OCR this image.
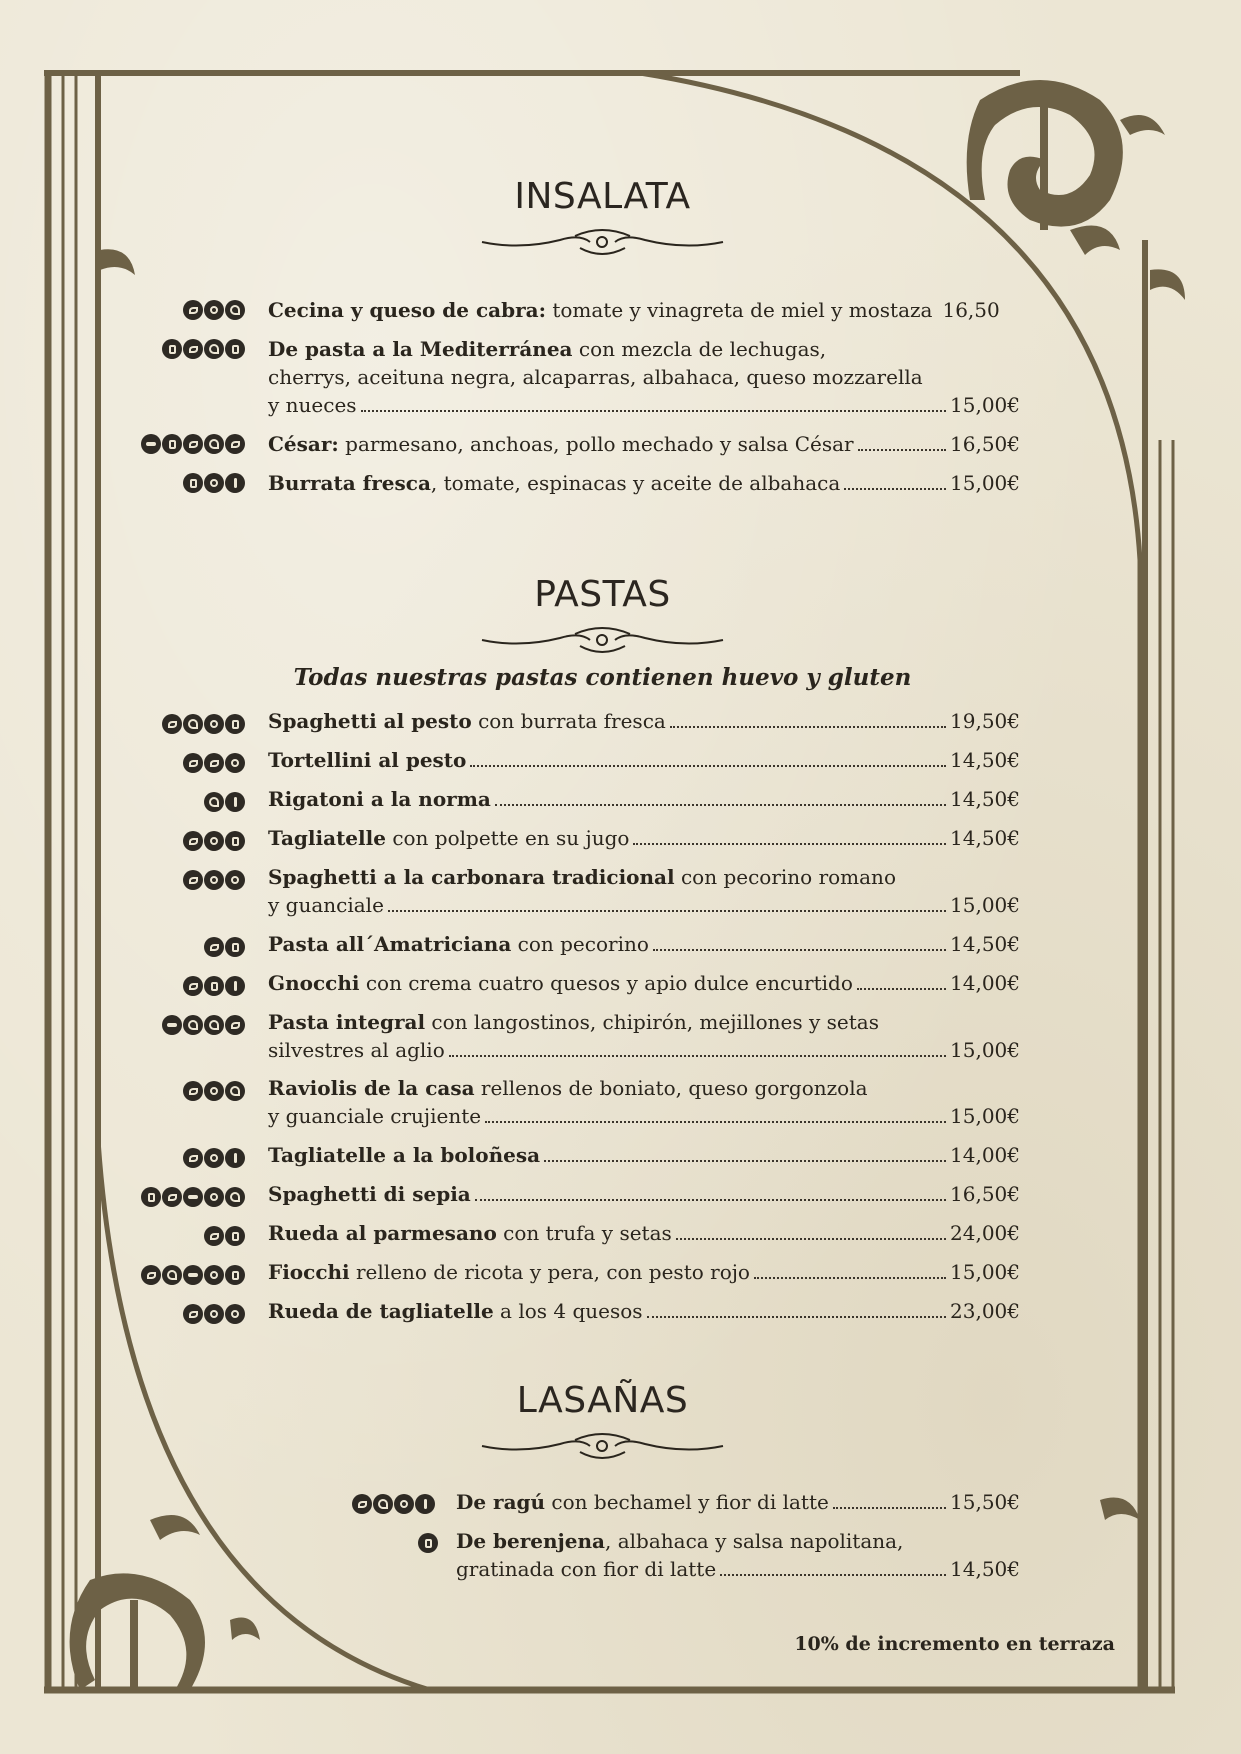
INSALATA
Cecina y queso de cabra: tomate y vinagreta de miel y mostaza 16,50
De pasta a la Mediterránea con mezcla de lechugas,
cherrys, aceituna negra, alcaparras, albahaca, queso mozzarella
y nueces	15,00€
César: parmesano, anchoas, pollo mechado y salsa César	16,50€
Burrata fresca, tomate, espinacas y aceite de albahaca	15,00€
PASTAS
Todas nuestras pastas contienen huevo y gluten
Spaghetti al pesto con burrata fresca	19,50€
Tortellini al pesto	14,50€
Rigatoni a la norma	14,50€
Tagliatelle con polpette en su jugo	14,50€
Spaghetti a la carbonara tradicional con pecorino romano
y guanciale	15,00€
Pasta all´Amatriciana con pecorino	14,50€
Gnocchi con crema cuatro quesos y apio dulce encurtido	14,00€
Pasta integral con langostinos, chipirón, mejillones y setas
silvestres al aglio	15,00€
Raviolis de la casa rellenos de boniato, queso gorgonzola
y guanciale crujiente	15,00€
Tagliatelle a la boloñesa	14,00€
Spaghetti di sepia	16,50€
Rueda al parmesano con trufa y setas	24,00€
Fiocchi relleno de ricota y pera, con pesto rojo	15,00€
Rueda de tagliatelle a los 4 quesos	23,00€
LASAÑAS
De ragú con bechamel y fior di latte	15,50€
De berenjena, albahaca y salsa napolitana,
gratinada con fior di latte	14,50€
10% de incremento en terraza
